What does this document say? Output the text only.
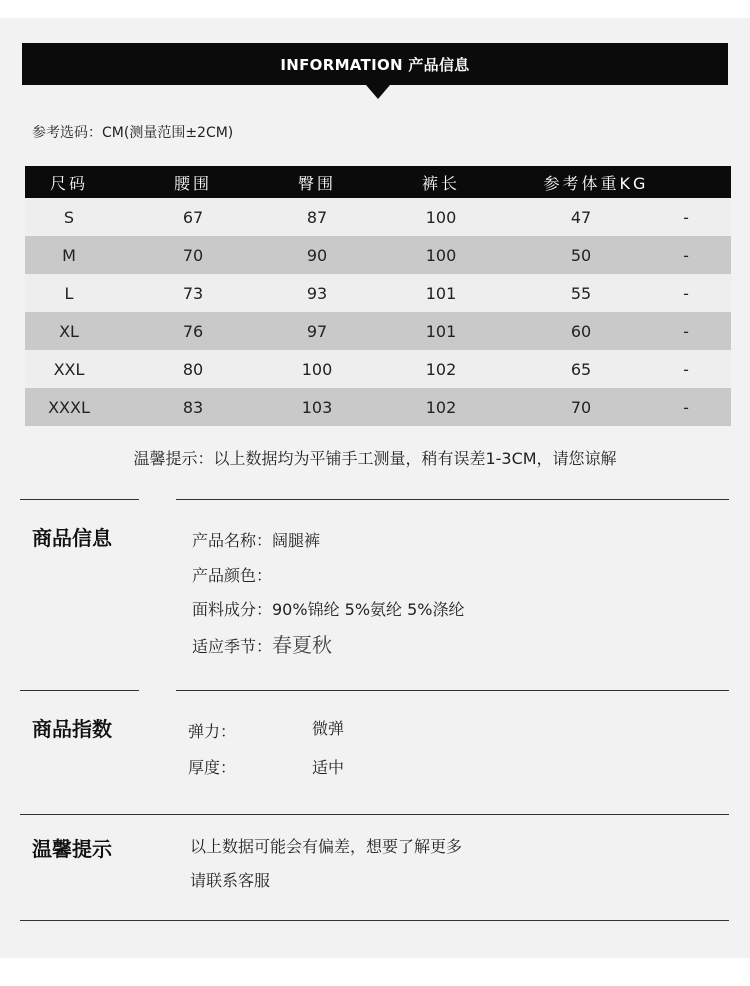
INFORMATION 产品信息
参考选码：CM(测量范围±2CM)
尺码	腰围	臀围	裤长	参考体重KG
S	67	87	100	47	-
M	70	90	100	50	-
L	73	93	101	55	-
XL	76	97	101	60	-
XXL	80	100	102	65	-
XXXL	83	103	102	70	-
温馨提示：以上数据均为平铺手工测量，稍有误差1-3CM，请您谅解
商品信息	产品名称：阔腿裤
产品颜色：
面料成分：90%锦纶 5%氨纶 5%涤纶
适应季节：春夏秋
商品指数	弹力：	微弹
厚度：	适中
温馨提示	以上数据可能会有偏差，想要了解更多
请联系客服
